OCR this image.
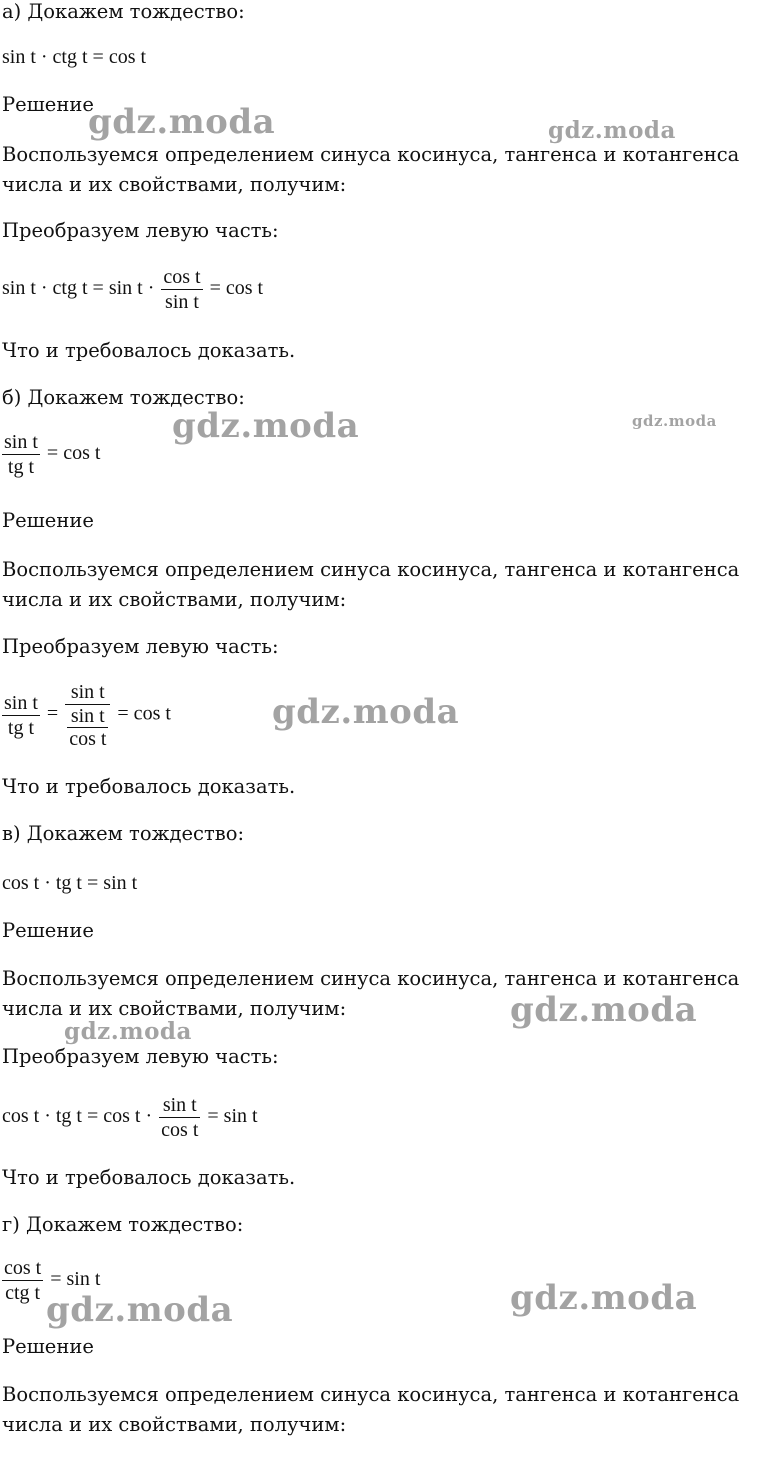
а) Докажем тождество:
sin t · ctg t = cos t
Решение
Воспользуемся определением синуса косинуса, тангенса и котангенса числа и их свойствами, получим:
Преобразуем левую часть:
sin t · ctg $t = \sin t \cdot \frac{\text{cos t}}{\text{sin t}} = \cos t$
Что и требовалось доказать.
б) Докажем тождество:
$\frac{\text{sin t}}{\text{tg t}} = \cos t$
Решение
Воспользуемся определением синуса косинуса, тангенса и котангенса числа и их свойствами, получим:
Преобразуем левую часть:
$\frac{\text{sin t}}{\text{tg t}} = \frac{\text{sin t}}{\frac{\text{sin t}}{\text{cos t}}} = \cos t$
Что и требовалось доказать.
в) Докажем тождество:
cos t · tg t = sin t
Решение
Воспользуемся определением синуса косинуса, тангенса и котангенса числа и их свойствами, получим:
Преобразуем левую часть:
cos t · tg $t = \cos t \cdot \frac{\text{sin t}}{\text{cos t}} = \sin t$
Что и требовалось доказать.
г) Докажем тождество:
$\frac{\text{cos t}}{\text{ctg t}} = \sin t$
Решение
Воспользуемся определением синуса косинуса, тангенса и котангенса числа и их свойствами, получим:
gdz.moda	gdz.moda
gdz.moda	gdz.moda
gdz.moda
gdz.moda
gdz.moda
gdz.moda	gdz.moda
